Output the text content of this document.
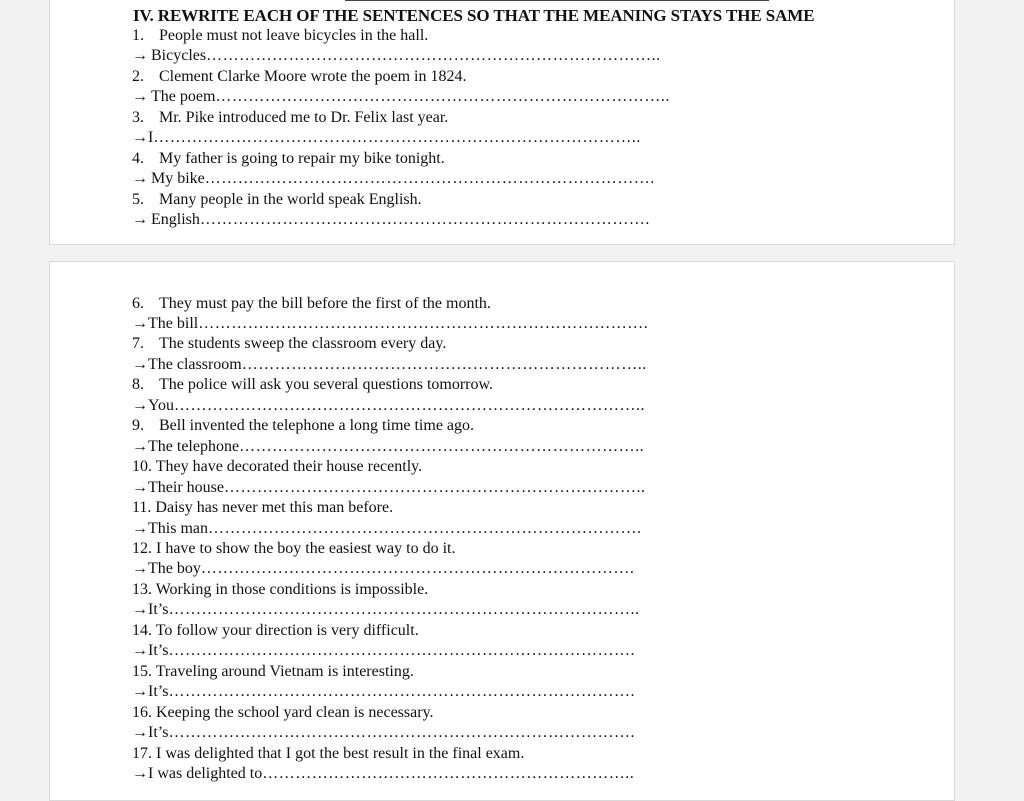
IV. REWRITE EACH OF THE SENTENCES SO THAT THE MEANING STAYS THE SAME
1. People must not leave bicycles in the hall.
→ Bicycles………………………………………………………………………..
2. Clement Clarke Moore wrote the poem in 1824.
→ The poem………………………………………………………………………..
3. Mr. Pike introduced me to Dr. Felix last year.
→I……………………………………………………………………………..
4. My father is going to repair my bike tonight.
→ My bike……………………………………………………………………….
5. Many people in the world speak English.
→ English……………………………………………………………………….
6. They must pay the bill before the first of the month.
→The bill……………………………………………………………………….
7. The students sweep the classroom every day.
→The classroom………………………………………………………………..
8. The police will ask you several questions tomorrow.
→You…………………………………………………………………………..
9. Bell invented the telephone a long time time ago.
→The telephone………………………………………………………………..
10. They have decorated their house recently.
→Their house…………………………………………………………………..
11. Daisy has never met this man before.
→This man…………………………………………………………………….
12. I have to show the boy the easiest way to do it.
→The boy…………………………………………………………………….
13. Working in those conditions is impossible.
→It’s…………………………………………………………………………..
14. To follow your direction is very difficult.
→It’s………………………………………………………………………….
15. Traveling around Vietnam is interesting.
→It’s………………………………………………………………………….
16. Keeping the school yard clean is necessary.
→It’s………………………………………………………………………….
17. I was delighted that I got the best result in the final exam.
→I was delighted to…………………………………………………………..
